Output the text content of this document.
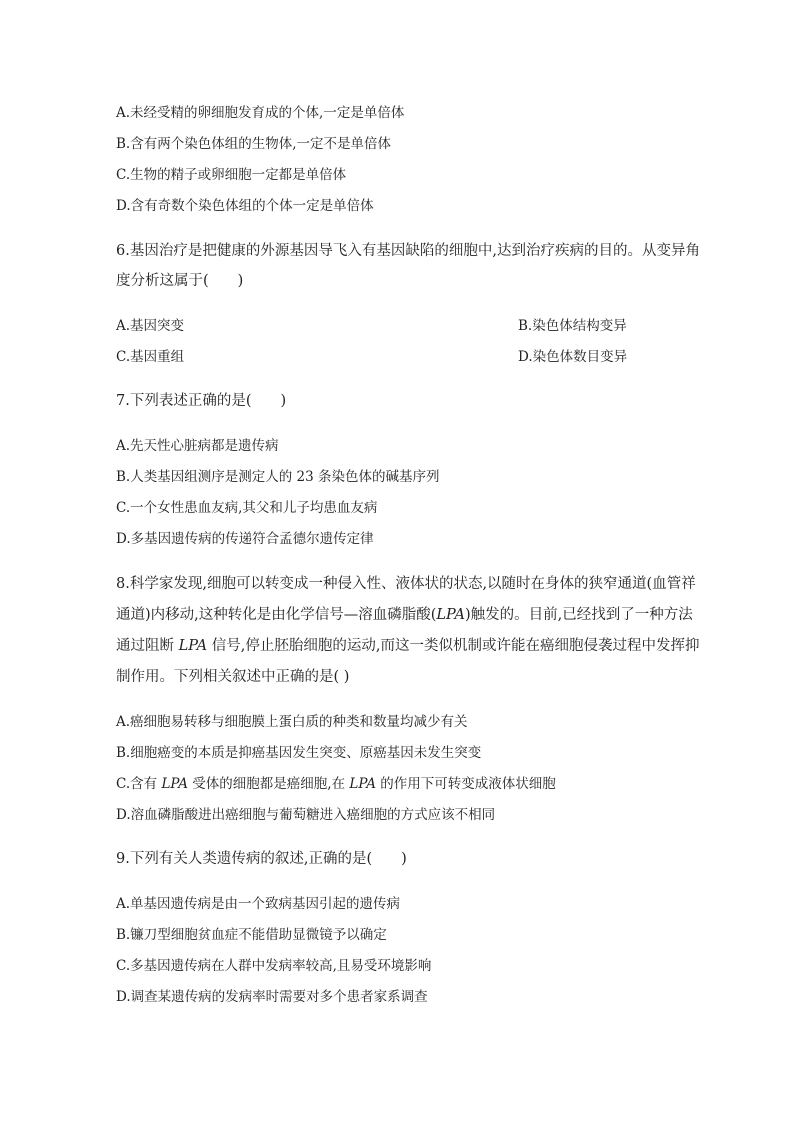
A.未经受精的卵细胞发育成的个体,一定是单倍体
B.含有两个染色体组的生物体,一定不是单倍体
C.生物的精子或卵细胞一定都是单倍体
D.含有奇数个染色体组的个体一定是单倍体
6.基因治疗是把健康的外源基因导飞入有基因缺陷的细胞中,达到治疗疾病的目的。从变异角
度分析这属于(　　)
A.基因突变	B.染色体结构变异
C.基因重组	D.染色体数目变异
7.下列表述正确的是(　　)
A.先天性心脏病都是遗传病
B.人类基因组测序是测定人的 23 条染色体的碱基序列
C.一个女性患血友病,其父和儿子均患血友病
D.多基因遗传病的传递符合孟德尔遗传定律
8.科学家发现,细胞可以转变成一种侵入性、液体状的状态,以随时在身体的狭窄通道(血管祥
通道)内移动,这种转化是由化学信号—溶血磷脂酸(LPA)触发的。目前,已经找到了一种方法
通过阻断 LPA 信号,停止胚胎细胞的运动,而这一类似机制或许能在癌细胞侵袭过程中发挥抑
制作用。下列相关叙述中正确的是( )
A.癌细胞易转移与细胞膜上蛋白质的种类和数量均减少有关
B.细胞癌变的本质是抑癌基因发生突变、原癌基因未发生突变
C.含有 LPA 受体的细胞都是癌细胞,在 LPA 的作用下可转变成液体状细胞
D.溶血磷脂酸进出癌细胞与葡萄糖进入癌细胞的方式应该不相同
9.下列有关人类遗传病的叙述,正确的是(　　)
A.单基因遗传病是由一个致病基因引起的遗传病
B.镰刀型细胞贫血症不能借助显微镜予以确定
C.多基因遗传病在人群中发病率较高,且易受环境影响
D.调查某遗传病的发病率时需要对多个患者家系调查
